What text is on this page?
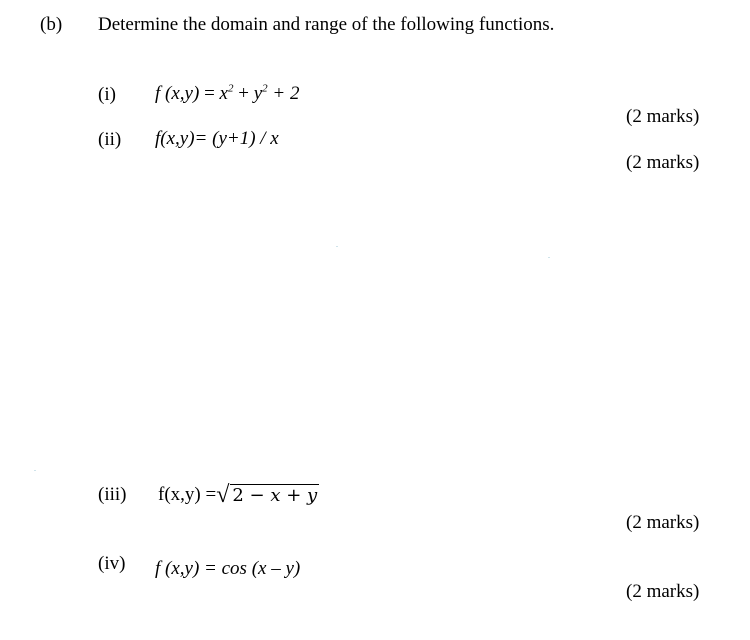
(b) Determine the domain and range of the following functions.
(i) f $(x,y) = x^2 + y^2 + 2$
(2 marks)
(ii) f(x,y)= (y+1) / x
(2 marks)
(iii) f(x,y) = √ 2 − x + y
(2 marks)
(iv) f (x,y) = cos (x – y)
(2 marks)
